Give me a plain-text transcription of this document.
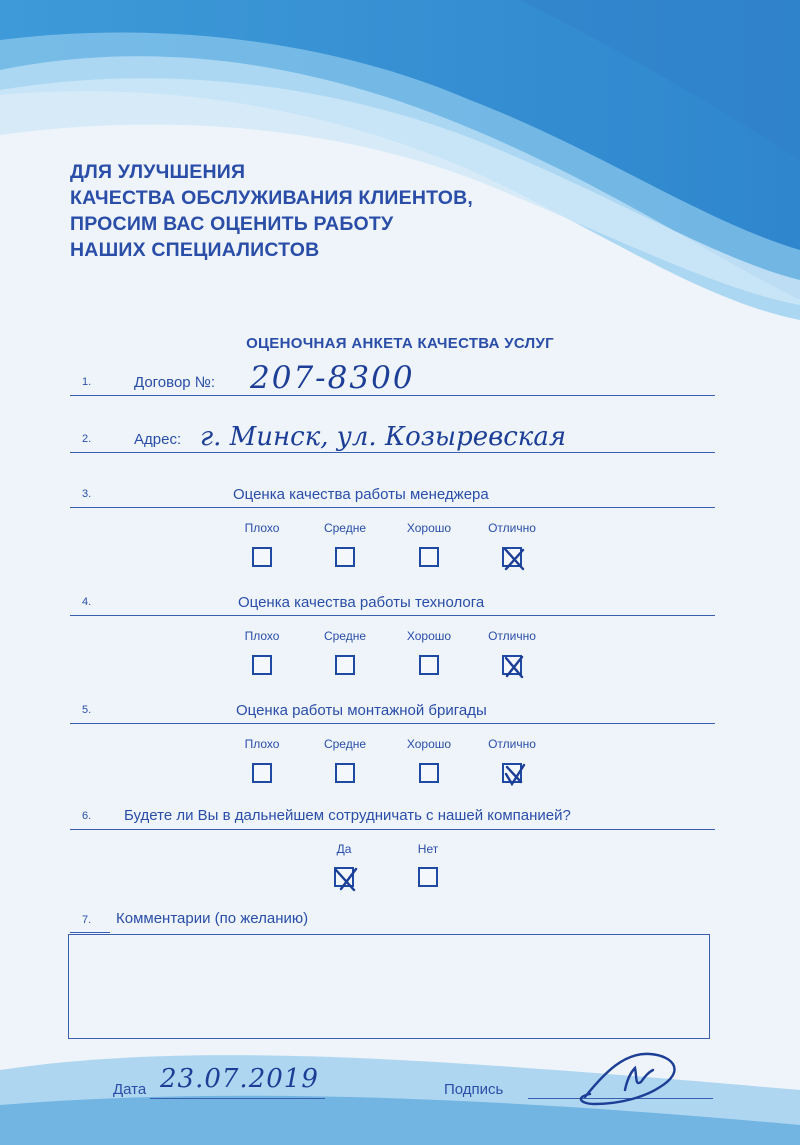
ДЛЯ УЛУЧШЕНИЯ
КАЧЕСТВА ОБСЛУЖИВАНИЯ КЛИЕНТОВ,
ПРОСИМ ВАС ОЦЕНИТЬ РАБОТУ
НАШИХ СПЕЦИАЛИСТОВ
ОЦЕНОЧНАЯ АНКЕТА КАЧЕСТВА УСЛУГ
1.	Договор №: 207-8300
2.	Адрес: г. Минск, ул. Козыревская
3.	Оценка качества работы менеджера
Плохо	Средне	Хорошо	Отлично
4.	Оценка качества работы технолога
Плохо	Средне	Хорошо	Отлично
5.	Оценка работы монтажной бригады
Плохо	Средне	Хорошо	Отлично
6. Будете ли Вы в дальнейшем сотрудничать с нашей компанией?
Да	Нет
7. Комментарии (по желанию)
Дата 23.07.2019	Подпись
